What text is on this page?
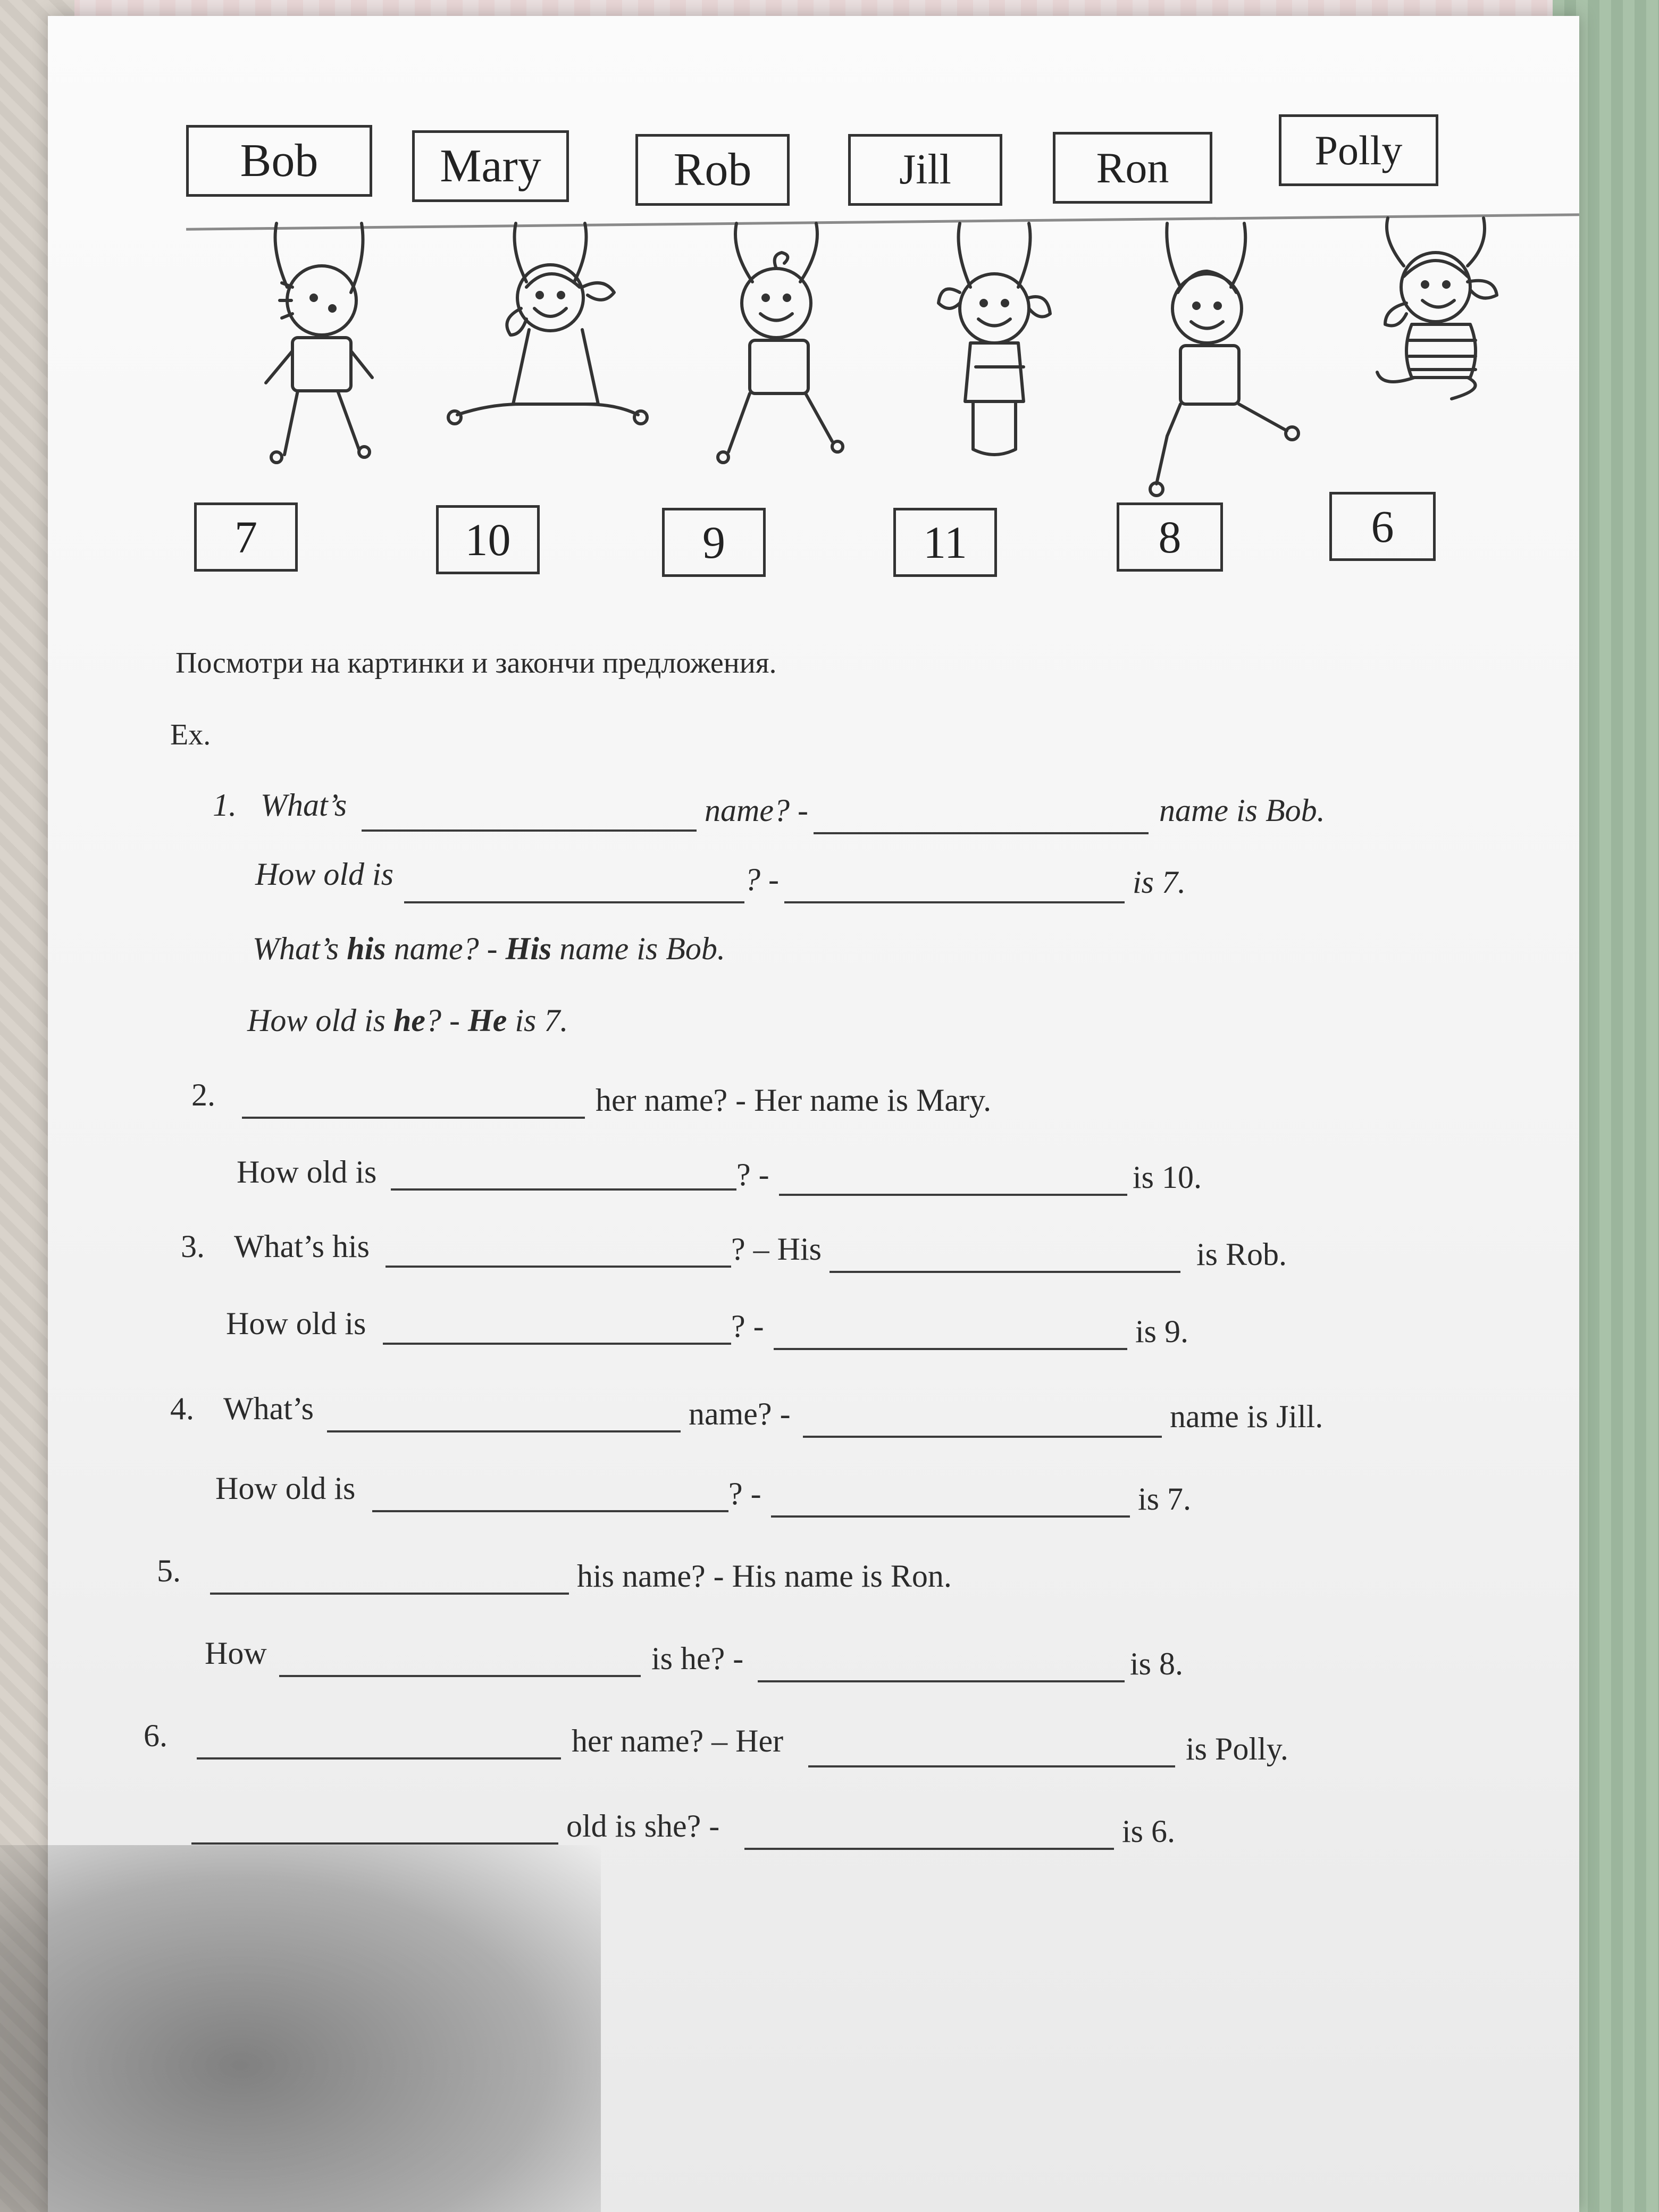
Bob	Mary	Rob	Jill	Ron	Polly
7	10	9	11	8	6
Посмотри на картинки и закончи предложения.
Ex.
1. What’s	name? -	name is Bob.
How old is	? -	is 7.
What’s his name? - His name is Bob.
How old is he? - He is 7.
2.	her name? - Her name is Mary.
How old is	? -	is 10.
3. What’s his	? – His	is Rob.
How old is	? -	is 9.
4. What’s	name? -	name is Jill.
How old is	? -	is 7.
5.	his name? - His name is Ron.
How	is he? -	is 8.
6.	her name? – Her	is Polly.
old is she? -	is 6.
